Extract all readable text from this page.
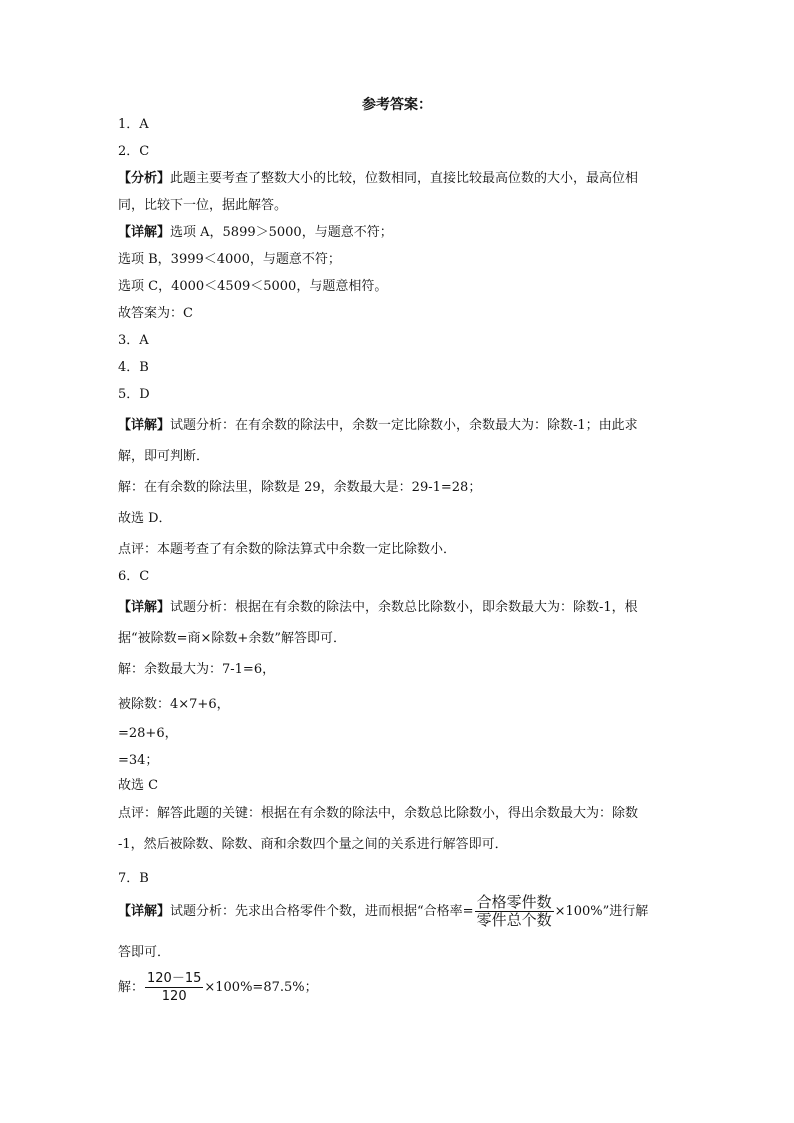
参考答案：
1．A
2．C
【分析】此题主要考查了整数大小的比较，位数相同，直接比较最高位数的大小，最高位相
同，比较下一位，据此解答。
【详解】选项 A，5899＞5000，与题意不符；
选项 B，3999＜4000，与题意不符；
选项 C，4000＜4509＜5000，与题意相符。
故答案为：C
3．A
4．B
5．D
【详解】试题分析：在有余数的除法中，余数一定比除数小，余数最大为：除数-1；由此求
解，即可判断．
解：在有余数的除法里，除数是 29，余数最大是：29-1=28；
故选 D．
点评：本题考查了有余数的除法算式中余数一定比除数小．
6．C
【详解】试题分析：根据在有余数的除法中，余数总比除数小，即余数最大为：除数-1，根
据“被除数=商×除数+余数”解答即可．
解：余数最大为：7-1=6，
被除数：4×7+6，
=28+6，
=34；
故选 C
点评：解答此题的关键：根据在有余数的除法中，余数总比除数小，得出余数最大为：除数
-1，然后被除数、除数、商和余数四个量之间的关系进行解答即可．
7．B
【详解】试题分析：先求出合格零件个数，进而根据“合格率= $\frac{\text{合格零件数}}{\text{零件总个数}} \times 100\%$”进行解
答即可．
解： $\frac{120-15}{120} \times 100\%=87.5\%$；
